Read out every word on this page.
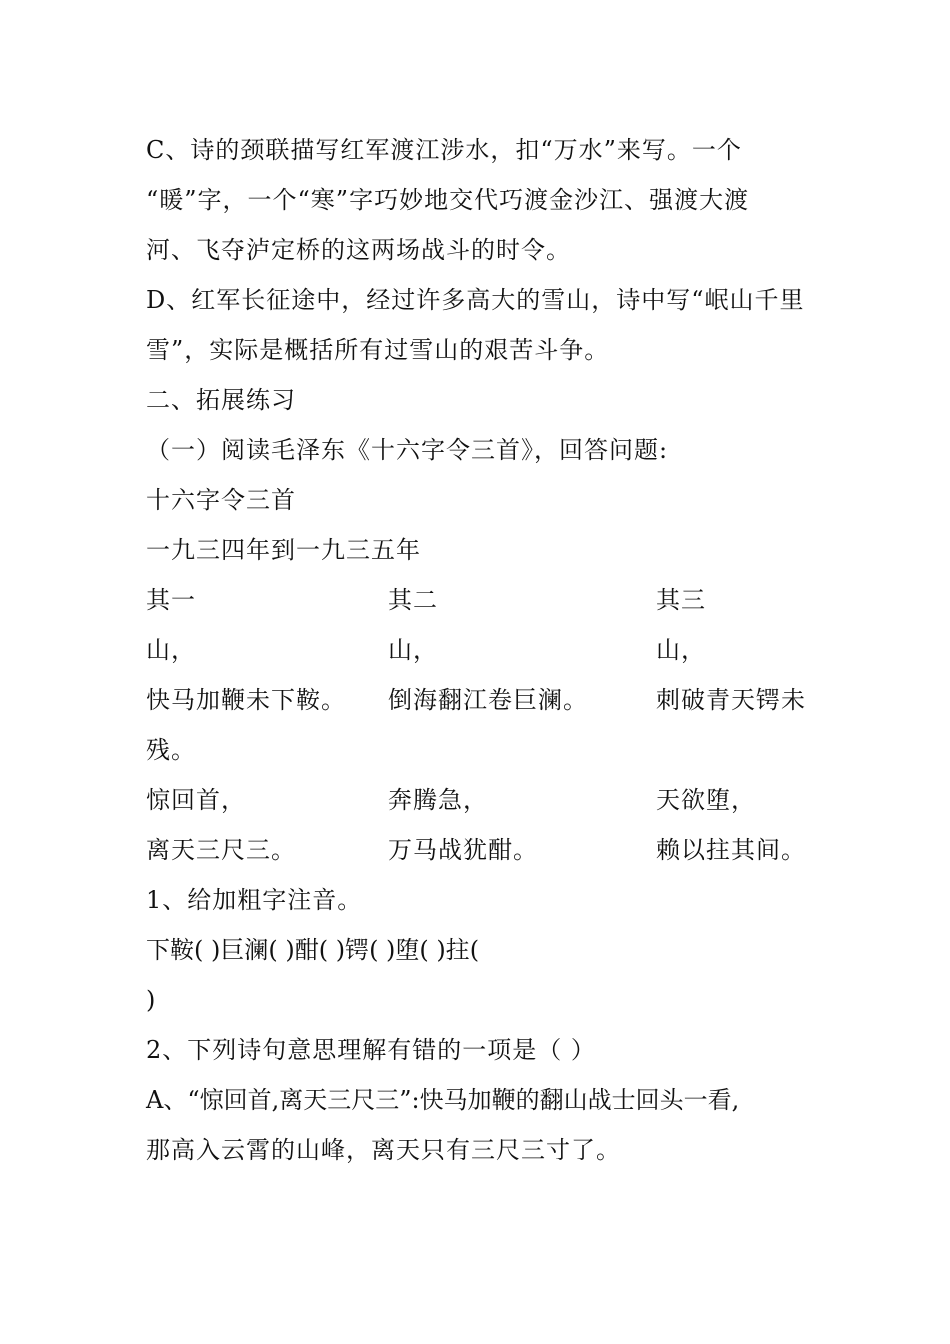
C、诗的颈联描写红军渡江涉水，扣“万水”来写。一个
“暖”字，一个“寒”字巧妙地交代巧渡金沙江、强渡大渡
河、飞夺泸定桥的这两场战斗的时令。
D、红军长征途中，经过许多高大的雪山，诗中写“岷山千里
雪”，实际是概括所有过雪山的艰苦斗争。
二、拓展练习
（一）阅读毛泽东《十六字令三首》，回答问题:
十六字令三首
一九三四年到一九三五年
其一	其二	其三
山，	山，	山，
快马加鞭未下鞍。 倒海翻江卷巨澜。	刺破青天锷未
残。
惊回首，	奔腾急，	天欲堕，
离天三尺三。	万马战犹酣。	赖以拄其间。
1、给加粗字注音。
下鞍( )巨澜( )酣( )锷( )堕( )拄(
)
2、下列诗句意思理解有错的一项是（ ）
A、“惊回首,离天三尺三”:快马加鞭的翻山战士回头一看,
那高入云霄的山峰，离天只有三尺三寸了。
